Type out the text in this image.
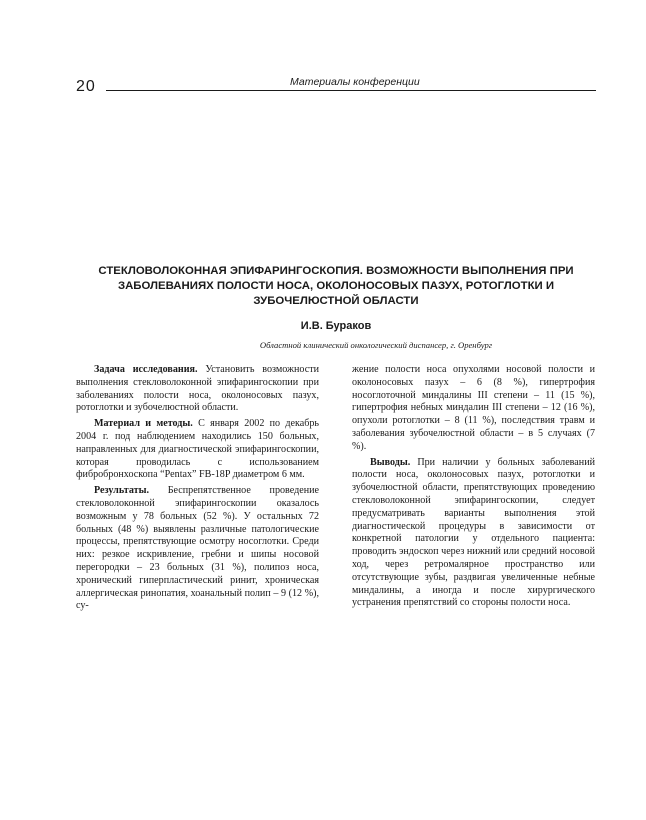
20	Материалы конференции
СТЕКЛОВОЛОКОННАЯ ЭПИФАРИНГОСКОПИЯ. ВОЗМОЖНОСТИ ВЫПОЛНЕНИЯ ПРИ ЗАБОЛЕВАНИЯХ ПОЛОСТИ НОСА, ОКОЛОНОСОВЫХ ПАЗУХ, РОТОГЛОТКИ И ЗУБОЧЕЛЮСТНОЙ ОБЛАСТИ
И.В. Бураков
Областной клинический онкологический диспансер, г. Оренбург

Задача исследования. Установить возможности выполнения стекловолоконной эпифарингоскопии при заболеваниях полости носа, околоносовых пазух, ротоглотки и зубочелюстной области.

Материал и методы. С января 2002 по декабрь 2004 г. под наблюдением находились 150 больных, направленных для диагностической эпифарингоскопии, которая проводилась с использованием фибробронхоскопа “Pentax” FB-18P диаметром 6 мм.

Результаты. Беспрепятственное проведение стекловолоконной эпифарингоскопии оказалось возможным у 78 больных (52 %). У остальных 72 больных (48 %) выявлены различные патологические процессы, препятствующие осмотру носоглотки. Среди них: резкое искривление, гребни и шипы носовой перегородки – 23 больных (31 %), полипоз носа, хронический гиперпластический ринит, хроническая аллергическая ринопатия, хоанальный полип – 9 (12 %), су-

жение полости носа опухолями носовой полости и околоносовых пазух – 6 (8 %), гипертрофия носоглоточной миндалины III степени – 11 (15 %), гипертрофия небных миндалин III степени – 12 (16 %), опухоли ротоглотки – 8 (11 %), последствия травм и заболевания зубочелюстной области – в 5 случаях (7 %).

Выводы. При наличии у больных заболеваний полости носа, околоносовых пазух, ротоглотки и зубочелюстной области, препятствующих проведению стекловолоконной эпифарингоскопии, следует предусматривать варианты выполнения этой диагностической процедуры в зависимости от конкретной патологии у отдельного пациента: проводить эндоскоп через нижний или средний носовой ход, через ретромалярное пространство или отсутствующие зубы, раздвигая увеличенные небные миндалины, а иногда и после хирургического устранения препятствий со стороны полости носа.
